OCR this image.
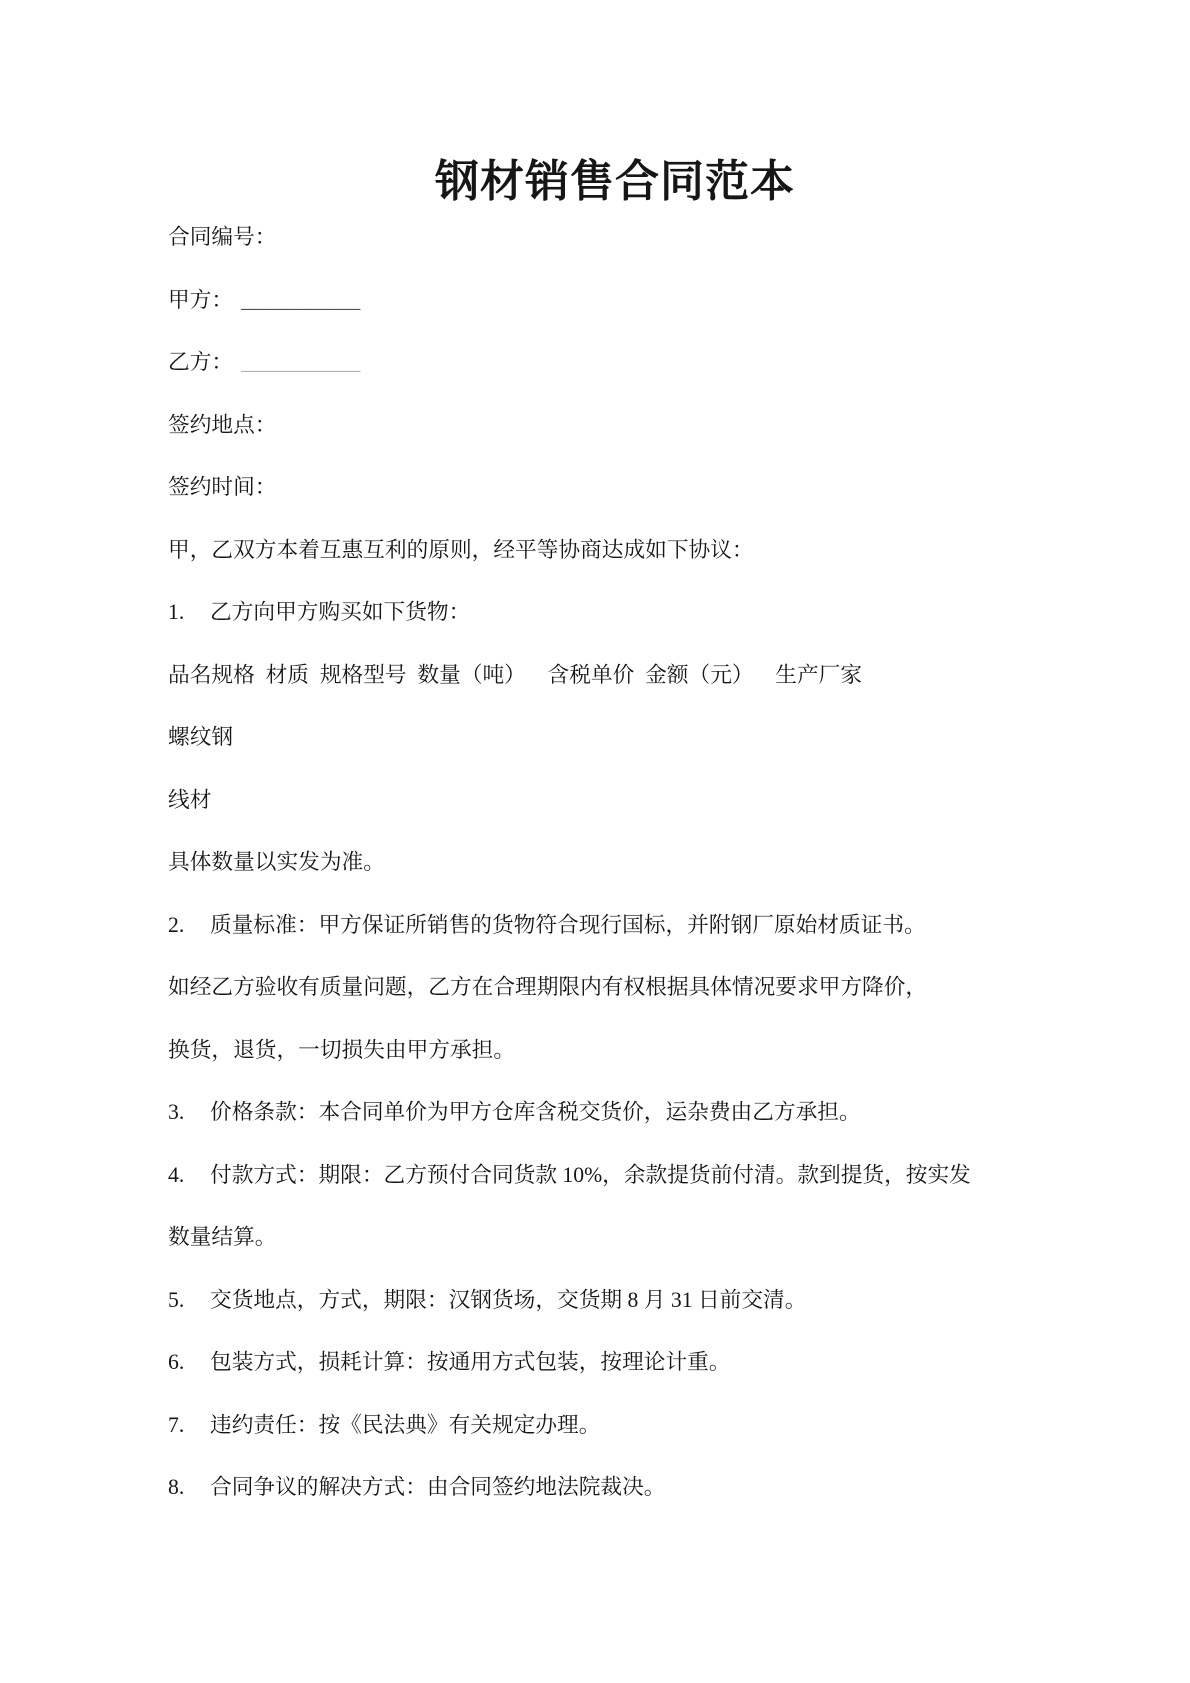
钢材销售合同范本
合同编号：
甲方： ___________
乙方： ___________
签约地点：
签约时间：
甲，乙双方本着互惠互利的原则，经平等协商达成如下协议：
1. 乙方向甲方购买如下货物：
品名规格 材质 规格型号 数量（吨） 含税单价 金额（元） 生产厂家
螺纹钢
线材
具体数量以实发为准。
2. 质量标准：甲方保证所销售的货物符合现行国标，并附钢厂原始材质证书。
如经乙方验收有质量问题，乙方在合理期限内有权根据具体情况要求甲方降价，
换货，退货，一切损失由甲方承担。
3. 价格条款：本合同单价为甲方仓库含税交货价，运杂费由乙方承担。
4. 付款方式：期限：乙方预付合同货款 10%，余款提货前付清。款到提货，按实发
数量结算。
5. 交货地点，方式，期限：汉钢货场，交货期 8 月 31 日前交清。
6. 包装方式，损耗计算：按通用方式包装，按理论计重。
7. 违约责任：按《民法典》有关规定办理。
8. 合同争议的解决方式：由合同签约地法院裁决。
